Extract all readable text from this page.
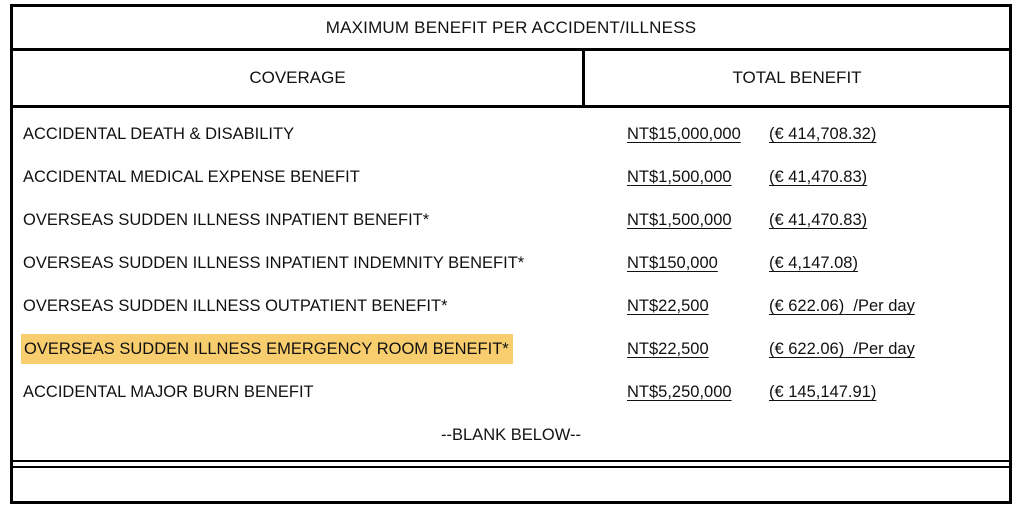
MAXIMUM BENEFIT PER ACCIDENT/ILLNESS
COVERAGE	TOTAL BENEFIT
ACCIDENTAL DEATH & DISABILITY	NT$15,000,000 (€ 414,708.32)
ACCIDENTAL MEDICAL EXPENSE BENEFIT	NT$1,500,000 (€ 41,470.83)
OVERSEAS SUDDEN ILLNESS INPATIENT BENEFIT*	NT$1,500,000 (€ 41,470.83)
OVERSEAS SUDDEN ILLNESS INPATIENT INDEMNITY BENEFIT*	NT$150,000	(€ 4,147.08)
OVERSEAS SUDDEN ILLNESS OUTPATIENT BENEFIT*	NT$22,500	(€ 622.06)  /Per day
OVERSEAS SUDDEN ILLNESS EMERGENCY ROOM BENEFIT*	NT$22,500	(€ 622.06)  /Per day
ACCIDENTAL MAJOR BURN BENEFIT	NT$5,250,000 (€ 145,147.91)
--BLANK BELOW--
